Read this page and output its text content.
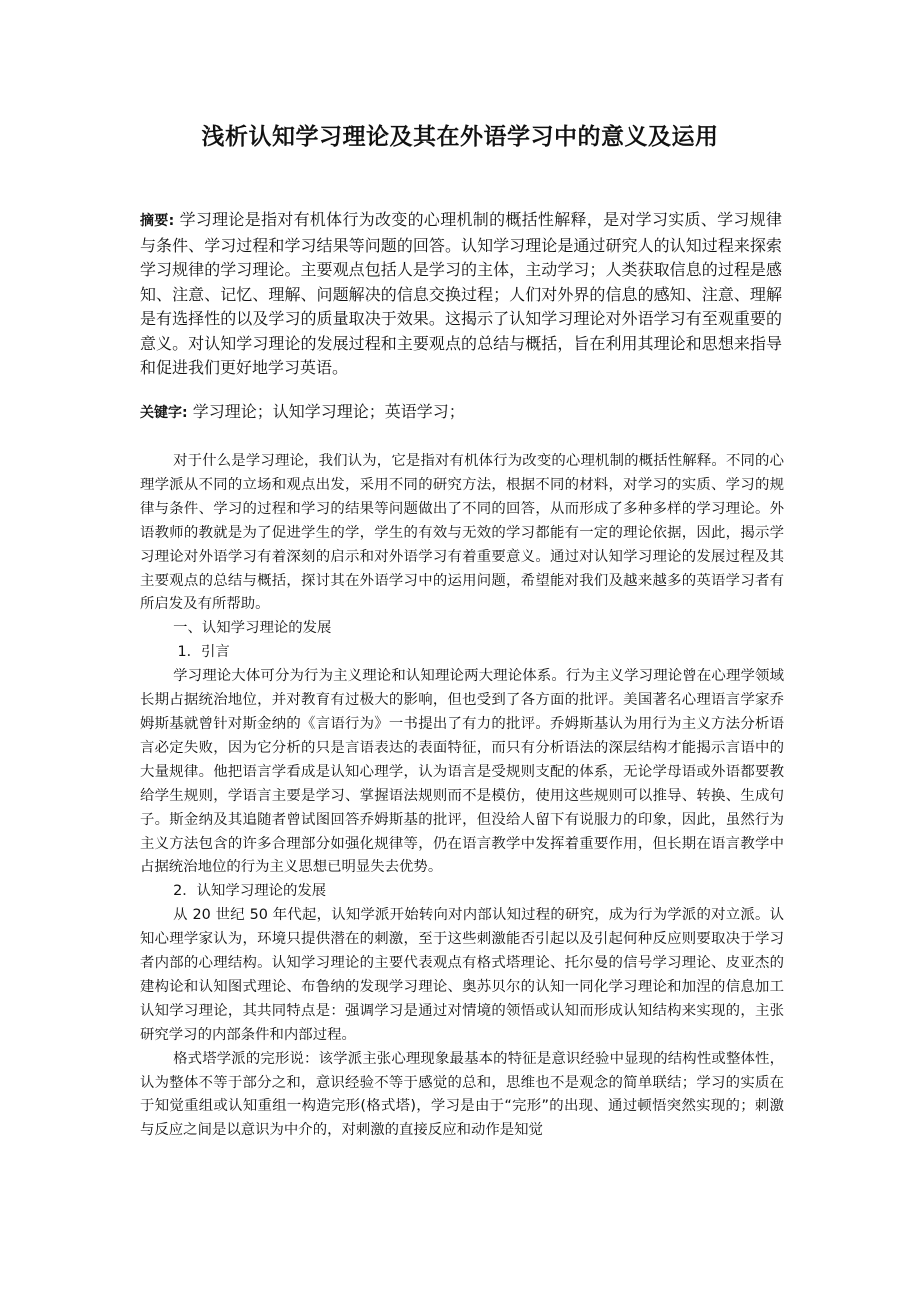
浅析认知学习理论及其在外语学习中的意义及运用

摘要: 学习理论是指对有机体行为改变的心理机制的概括性解释，是对学习实质、学习规律与条件、学习过程和学习结果等问题的回答。认知学习理论是通过研究人的认知过程来探索学习规律的学习理论。主要观点包括人是学习的主体，主动学习；人类获取信息的过程是感知、注意、记忆、理解、问题解决的信息交换过程；人们对外界的信息的感知、注意、理解是有选择性的以及学习的质量取决于效果。这揭示了认知学习理论对外语学习有至观重要的意义。对认知学习理论的发展过程和主要观点的总结与概括，旨在利用其理论和思想来指导和促进我们更好地学习英语。

关键字: 学习理论；认知学习理论；英语学习；

对于什么是学习理论，我们认为，它是指对有机体行为改变的心理机制的概括性解释。不同的心理学派从不同的立场和观点出发，采用不同的研究方法，根据不同的材料，对学习的实质、学习的规律与条件、学习的过程和学习的结果等问题做出了不同的回答，从而形成了多种多样的学习理论。外语教师的教就是为了促进学生的学，学生的有效与无效的学习都能有一定的理论依据，因此，揭示学习理论对外语学习有着深刻的启示和对外语学习有着重要意义。通过对认知学习理论的发展过程及其主要观点的总结与概括，探讨其在外语学习中的运用问题，希望能对我们及越来越多的英语学习者有所启发及有所帮助。

一、认知学习理论的发展

1．引言

学习理论大体可分为行为主义理论和认知理论两大理论体系。行为主义学习理论曾在心理学领域长期占据统治地位，并对教育有过极大的影响，但也受到了各方面的批评。美国著名心理语言学家乔姆斯基就曾针对斯金纳的《言语行为》一书提出了有力的批评。乔姆斯基认为用行为主义方法分析语言必定失败，因为它分析的只是言语表达的表面特征，而只有分析语法的深层结构才能揭示言语中的大量规律。他把语言学看成是认知心理学，认为语言是受规则支配的体系，无论学母语或外语都要教给学生规则，学语言主要是学习、掌握语法规则而不是模仿，使用这些规则可以推导、转换、生成句子。斯金纳及其追随者曾试图回答乔姆斯基的批评，但没给人留下有说服力的印象，因此，虽然行为主义方法包含的许多合理部分如强化规律等，仍在语言教学中发挥着重要作用，但长期在语言教学中占据统治地位的行为主义思想已明显失去优势。

2．认知学习理论的发展

从 20 世纪 50 年代起，认知学派开始转向对内部认知过程的研究，成为行为学派的对立派。认知心理学家认为，环境只提供潜在的刺激，至于这些刺激能否引起以及引起何种反应则要取决于学习者内部的心理结构。认知学习理论的主要代表观点有格式塔理论、托尔曼的信号学习理论、皮亚杰的建构论和认知图式理论、布鲁纳的发现学习理论、奥苏贝尔的认知一同化学习理论和加涅的信息加工认知学习理论，其共同特点是：强调学习是通过对情境的领悟或认知而形成认知结构来实现的，主张研究学习的内部条件和内部过程。

格式塔学派的完形说：该学派主张心理现象最基本的特征是意识经验中显现的结构性或整体性，认为整体不等于部分之和，意识经验不等于感觉的总和，思维也不是观念的简单联结；学习的实质在于知觉重组或认知重组一构造完形(格式塔)，学习是由于“完形”的出现、通过顿悟突然实现的；刺激与反应之间是以意识为中介的，对刺激的直接反应和动作是知觉
